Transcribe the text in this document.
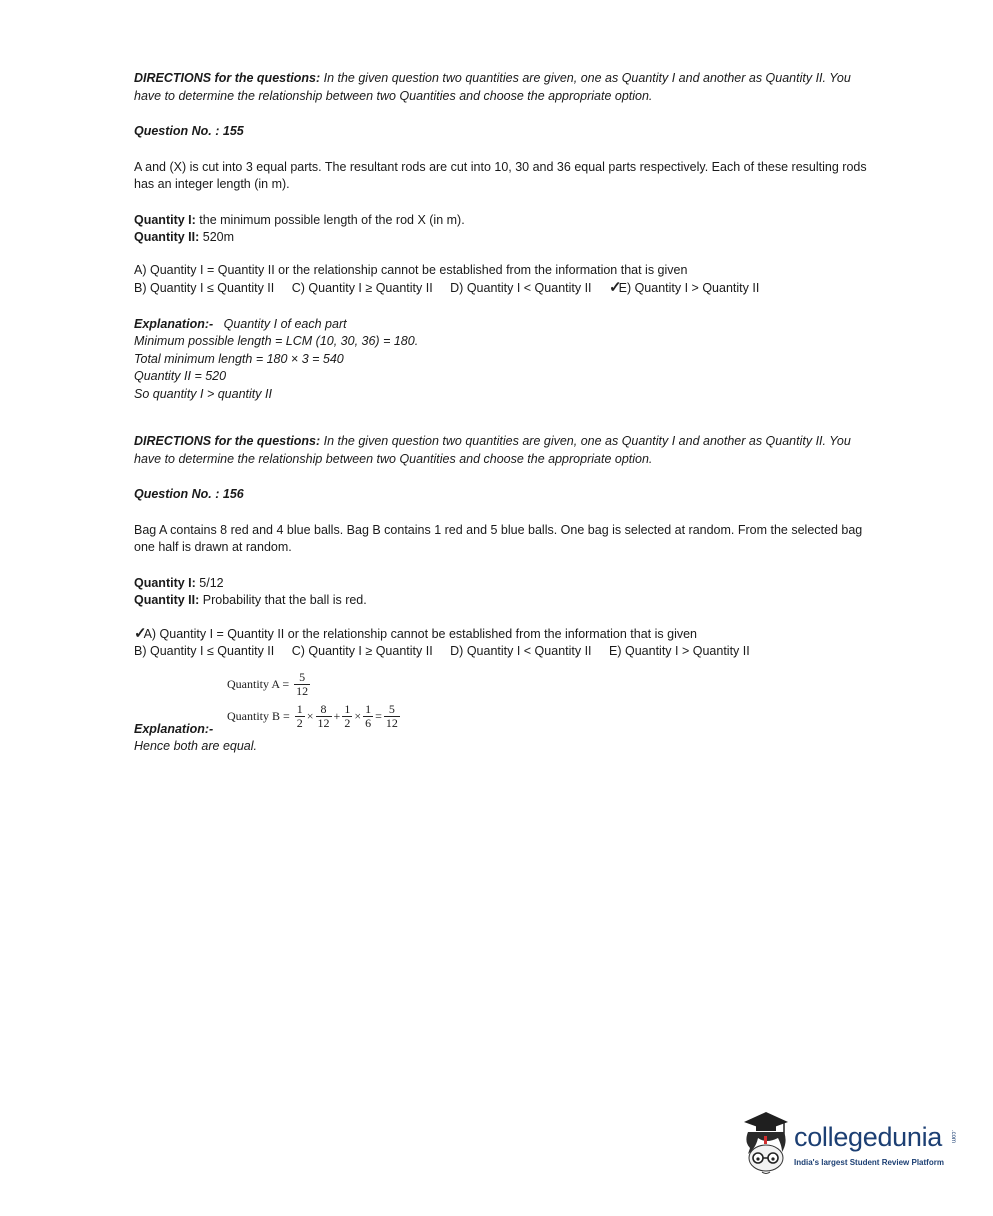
DIRECTIONS for the questions: In the given question two quantities are given, one as Quantity I and another as Quantity II. You have to determine the relationship between two Quantities and choose the appropriate option.

Question No. : 155

A and (X) is cut into 3 equal parts. The resultant rods are cut into 10, 30 and 36 equal parts respectively. Each of these resulting rods has an integer length (in m).

Quantity I: the minimum possible length of the rod X (in m).

Quantity II: 520m

A) Quantity I = Quantity II or the relationship cannot be established from the information that is given

B) Quantity I ≤ Quantity II C) Quantity I ≥ Quantity II D) Quantity I < Quantity II ✓E) Quantity I > Quantity II

Explanation:- Quantity I of each part

Minimum possible length = LCM (10, 30, 36) = 180.

Total minimum length = 180 × 3 = 540

Quantity II = 520

So quantity I > quantity II

DIRECTIONS for the questions: In the given question two quantities are given, one as Quantity I and another as Quantity II. You have to determine the relationship between two Quantities and choose the appropriate option.

Question No. : 156

Bag A contains 8 red and 4 blue balls. Bag B contains 1 red and 5 blue balls. One bag is selected at random. From the selected bag one half is drawn at random.

Quantity I: 5/12

Quantity II: Probability that the ball is red.

✓A) Quantity I = Quantity II or the relationship cannot be established from the information that is given

B) Quantity I ≤ Quantity II C) Quantity I ≥ Quantity II D) Quantity I < Quantity II E) Quantity I > Quantity II
Quantity $A = \frac{5}{12}$
Quantity $B = \frac{1}{2} \times \frac{8}{12} + \frac{1}{2} \times \frac{1}{6} = \frac{5}{12}$

Explanation:-

Hence both are equal.

collegedunia .com
India's largest Student Review Platform
